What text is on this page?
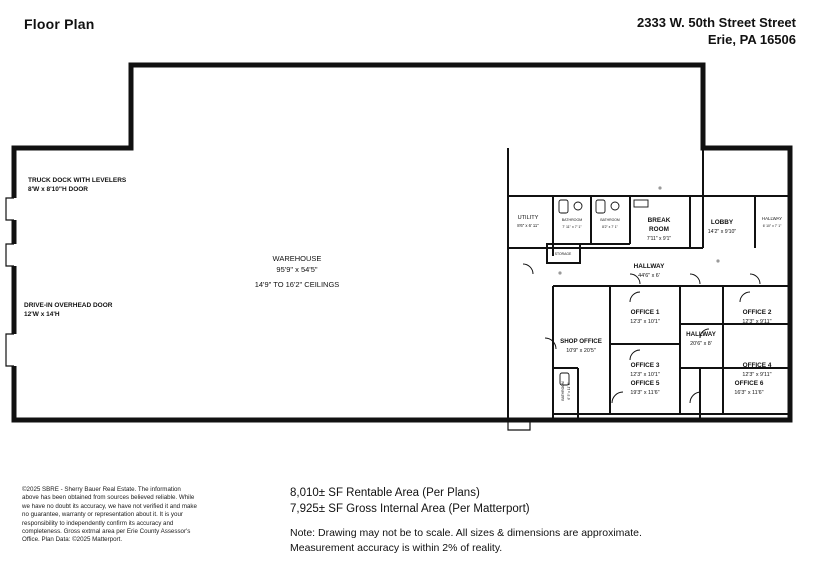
Floor Plan	2333 W. 50th Street Street
Erie, PA 16506
WAREHOUSE
95'9" x 54'5"
14'9" TO 16'2" CEILINGS
TRUCK DOCK WITH LEVELERS
8'W x 8'10"H DOOR
DRIVE-IN OVERHEAD DOOR
12'W x 14'H
UTILITY
8'6" x 6' 11"
BATHROOM
7' 11" x 7' 1"
BATHROOM
8'2" x 7' 1"
STORAGE
BREAK
ROOM
7'11" x 9'1"
LOBBY
14'2" x 9'10"
HALLWAY
6' 10" x 7' 1"
HALLWAY
44'6" x 6'
OFFICE 1
12'3" x 10'1"
OFFICE 2
12'3" x 9'11"
SHOP OFFICE
10'9" x 20'5"
HALLWAY
20'6" x 8'
OFFICE 3
12'3" x 10'1"
OFFICE 4
12'3" x 9'11"
BATHROOM 6' 5" x 11' 6"	OFFICE 5
19'3" x 11'6"
OFFICE 6
16'3" x 11'6"
©2025 SBRE - Sherry Bauer Real Estate. The information above has been obtained from sources believed reliable. While we have no doubt its accuracy, we have not verified it and make no guarantee, warranty or representation about it. It is your responsibility to independently confirm its accuracy and completeness. Gross extrnal area per Erie County Assessor's Office. Plan Data: ©2025 Matterport.
8,010± SF Rentable Area (Per Plans)
7,925± SF Gross Internal Area (Per Matterport)
Note: Drawing may not be to scale. All sizes & dimensions are approximate.
Measurement accuracy is within 2% of reality.
